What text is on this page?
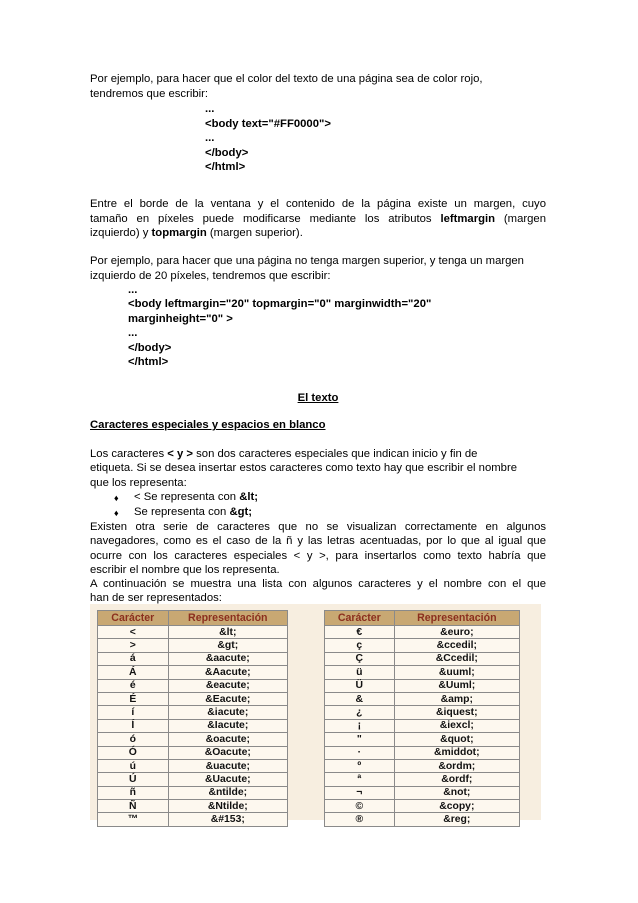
Por ejemplo, para hacer que el color del texto de una página sea de color rojo,
tendremos que escribir:
...
<body text="#FF0000">
...
</body>
</html>
Entre el borde de la ventana y el contenido de la página existe un margen, cuyo
tamaño en píxeles puede modificarse mediante los atributos leftmargin (margen
izquierdo) y topmargin (margen superior).
Por ejemplo, para hacer que una página no tenga margen superior, y tenga un margen
izquierdo de 20 píxeles, tendremos que escribir:
...
<body leftmargin="20" topmargin="0" marginwidth="20"
marginheight="0" >
...
</body>
</html>
El texto
Caracteres especiales y espacios en blanco
Los caracteres < y > son dos caracteres especiales que indican inicio y fin de
etiqueta. Si se desea insertar estos caracteres como texto hay que escribir el nombre
que los representa:
♦ < Se representa con &lt;
♦ Se representa con &gt;
Existen otra serie de caracteres que no se visualizan correctamente en algunos
navegadores, como es el caso de la ñ y las letras acentuadas, por lo que al igual que
ocurre con los caracteres especiales < y >, para insertarlos como texto habría que
escribir el nombre que los representa.
A continuación se muestra una lista con algunos caracteres y el nombre con el que
han de ser representados:
Carácter	Representación
<	&lt;
>	&gt;
á	&aacute;
Á	&Aacute;
é	&eacute;
É	&Eacute;
í	&iacute;
Í	&Iacute;
ó	&oacute;
Ó	&Oacute;
ú	&uacute;
Ú	&Uacute;
ñ	&ntilde;
Ñ	&Ntilde;
™	&#153;
Carácter	Representación
€	&euro;
ç	&ccedil;
Ç	&Ccedil;
ü	&uuml;
Ü	&Uuml;
&	&amp;
¿	&iquest;
¡	&iexcl;
"	&quot;
·	&middot;
º	&ordm;
ª	&ordf;
¬	&not;
©	&copy;
®	&reg;
